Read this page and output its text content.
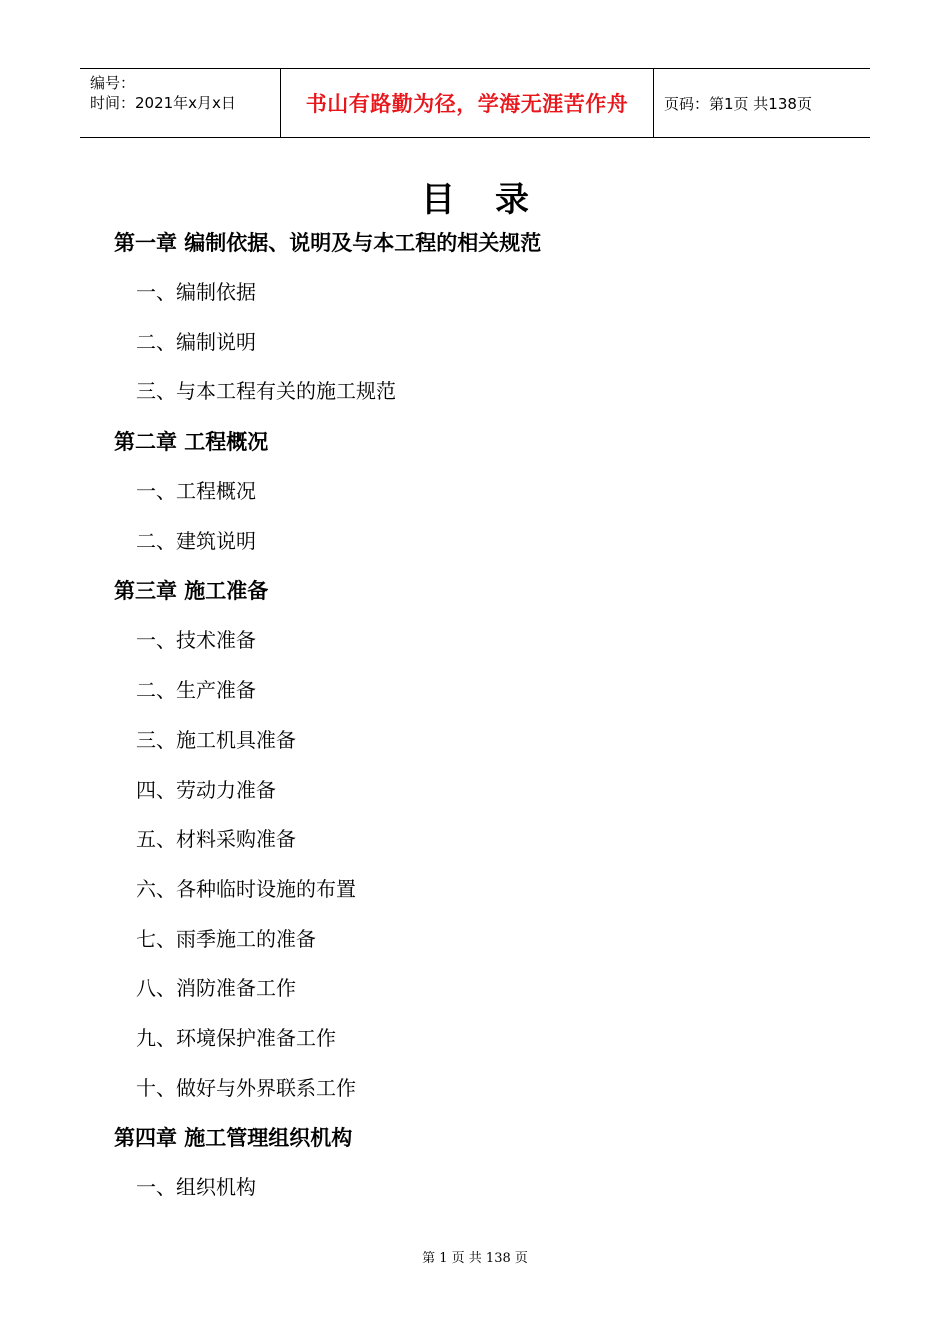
编号：
时间：2021年x月x日	书山有路勤为径，学海无涯苦作舟 页码：第1页 共138页
目录
第一章 编制依据、说明及与本工程的相关规范
一、编制依据
二、编制说明
三、与本工程有关的施工规范
第二章 工程概况
一、工程概况
二、建筑说明
第三章 施工准备
一、技术准备
二、生产准备
三、施工机具准备
四、劳动力准备
五、材料采购准备
六、各种临时设施的布置
七、雨季施工的准备
八、消防准备工作
九、环境保护准备工作
十、做好与外界联系工作
第四章 施工管理组织机构
一、组织机构
第 1 页 共 138 页
